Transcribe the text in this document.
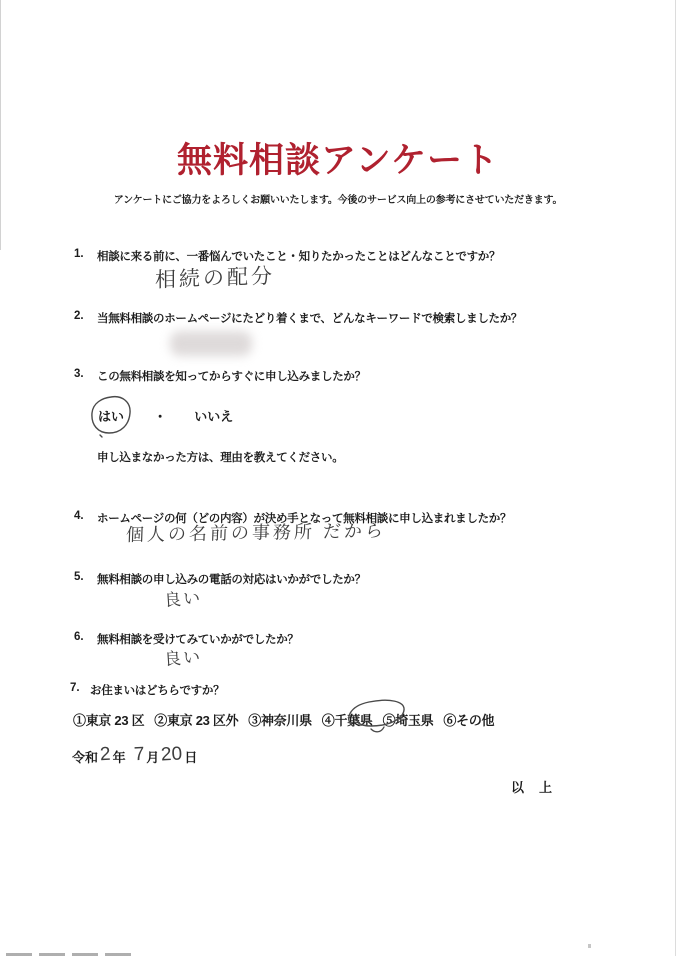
無料相談アンケート
アンケートにご協力をよろしくお願いいたします。今後のサービス向上の参考にさせていただきます。
1.	相談に来る前に、一番悩んでいたこと・知りたかったことはどんなことですか？
相続の配分
2.	当無料相談のホームページにたどり着くまで、どんなキーワードで検索しましたか？
3.	この無料相談を知ってからすぐに申し込みましたか？
はい ・ いいえ
申し込まなかった方は、理由を教えてください。
4.	ホームページの何（どの内容）が決め手となって無料相談に申し込まれましたか？
個人の名前の事務所 だから
5.	無料相談の申し込みの電話の対応はいかがでしたか？
良い
6.	無料相談を受けてみていかがでしたか？
良い
7. お住まいはどちらですか？
①東京 23 区 ②東京 23 区外 ③神奈川県 ④千葉県 ⑤埼玉県 ⑥その他
令和 2 年 7 月 20 日
以　上
